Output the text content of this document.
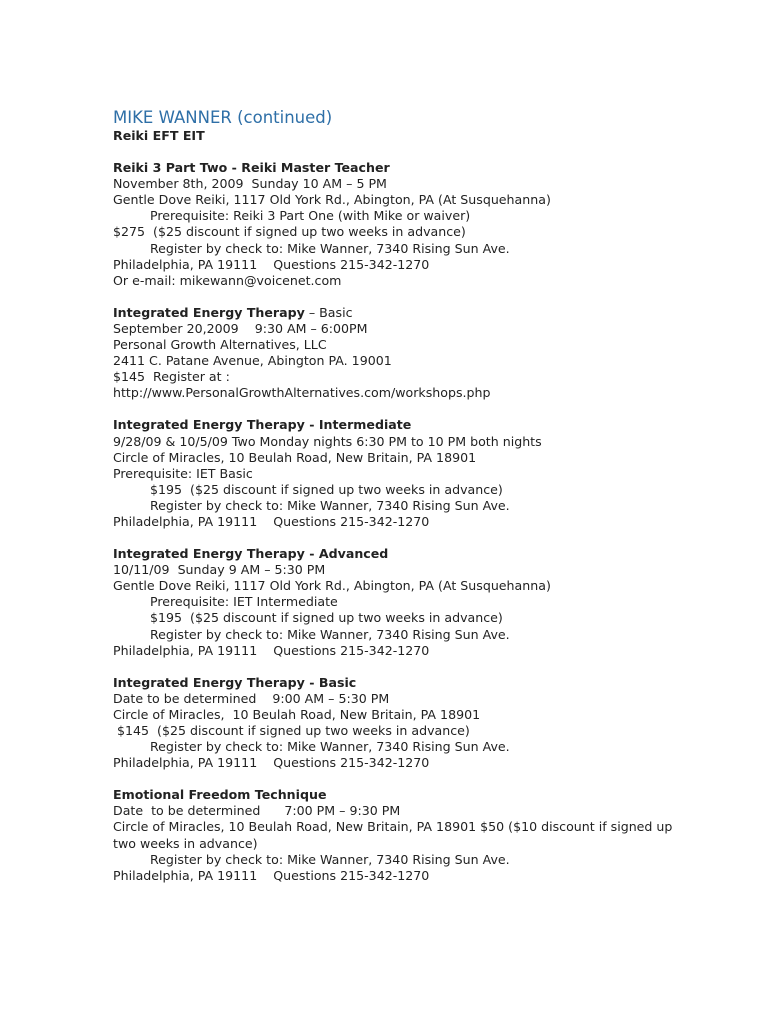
MIKE WANNER (continued)
Reiki EFT EIT
Reiki 3 Part Two - Reiki Master Teacher
November 8th, 2009  Sunday 10 AM – 5 PM
Gentle Dove Reiki, 1117 Old York Rd., Abington, PA (At Susquehanna)
Prerequisite: Reiki 3 Part One (with Mike or waiver)
$275  ($25 discount if signed up two weeks in advance)
Register by check to: Mike Wanner, 7340 Rising Sun Ave.
Philadelphia, PA 19111    Questions 215-342-1270
Or e-mail: mikewann@voicenet.com
Integrated Energy Therapy – Basic
September 20,2009    9:30 AM – 6:00PM
Personal Growth Alternatives, LLC
2411 C. Patane Avenue, Abington PA. 19001
$145  Register at :
http://www.PersonalGrowthAlternatives.com/workshops.php
Integrated Energy Therapy - Intermediate
9/28/09 & 10/5/09 Two Monday nights 6:30 PM to 10 PM both nights
Circle of Miracles, 10 Beulah Road, New Britain, PA 18901
Prerequisite: IET Basic
$195  ($25 discount if signed up two weeks in advance)
Register by check to: Mike Wanner, 7340 Rising Sun Ave.
Philadelphia, PA 19111    Questions 215-342-1270
Integrated Energy Therapy - Advanced
10/11/09  Sunday 9 AM – 5:30 PM
Gentle Dove Reiki, 1117 Old York Rd., Abington, PA (At Susquehanna)
Prerequisite: IET Intermediate
$195  ($25 discount if signed up two weeks in advance)
Register by check to: Mike Wanner, 7340 Rising Sun Ave.
Philadelphia, PA 19111    Questions 215-342-1270
Integrated Energy Therapy - Basic
Date to be determined    9:00 AM – 5:30 PM
Circle of Miracles,  10 Beulah Road, New Britain, PA 18901
$145  ($25 discount if signed up two weeks in advance)
Register by check to: Mike Wanner, 7340 Rising Sun Ave.
Philadelphia, PA 19111    Questions 215-342-1270
Emotional Freedom Technique
Date  to be determined      7:00 PM – 9:30 PM
Circle of Miracles, 10 Beulah Road, New Britain, PA 18901 $50 ($10 discount if signed up two weeks in advance)
Register by check to: Mike Wanner, 7340 Rising Sun Ave.
Philadelphia, PA 19111    Questions 215-342-1270
